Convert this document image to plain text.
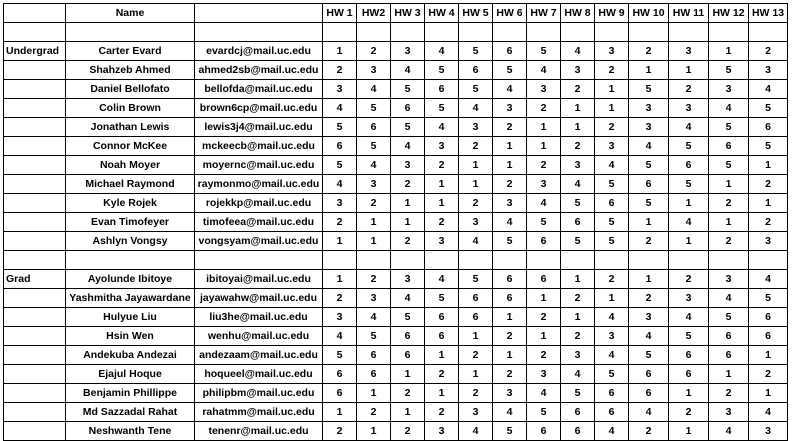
	Name		HW 1	HW2	HW 3	HW 4	HW 5	HW 6	HW 7	HW 8	HW 9	HW 10	HW 11	HW 12	HW 13

Undergrad	Carter Evard	evardcj@mail.uc.edu	1	2	3	4	5	6	5	4	3	2	3	1	2
	Shahzeb Ahmed	ahmed2sb@mail.uc.edu	2	3	4	5	6	5	4	3	2	1	1	5	3
	Daniel Bellofato	bellofda@mail.uc.edu	3	4	5	6	5	4	3	2	1	5	2	3	4
	Colin Brown	brown6cp@mail.uc.edu	4	5	6	5	4	3	2	1	1	3	3	4	5
	Jonathan Lewis	lewis3j4@mail.uc.edu	5	6	5	4	3	2	1	1	2	3	4	5	6
	Connor McKee	mckeecb@mail.uc.edu	6	5	4	3	2	1	1	2	3	4	5	6	5
	Noah Moyer	moyernc@mail.uc.edu	5	4	3	2	1	1	2	3	4	5	6	5	1
	Michael Raymond	raymonmo@mail.uc.edu	4	3	2	1	1	2	3	4	5	6	5	1	2
	Kyle Rojek	rojekkp@mail.uc.edu	3	2	1	1	2	3	4	5	6	5	1	2	1
	Evan Timofeyer	timofeea@mail.uc.edu	2	1	1	2	3	4	5	6	5	1	4	1	2
	Ashlyn Vongsy	vongsyam@mail.uc.edu	1	1	2	3	4	5	6	5	5	2	1	2	3

Grad	Ayolunde Ibitoye	ibitoyai@mail.uc.edu	1	2	3	4	5	6	6	1	2	1	2	3	4
	Yashmitha Jayawardane	jayawahw@mail.uc.edu	2	3	4	5	6	6	1	2	1	2	3	4	5
	Hulyue Liu	liu3he@mail.uc.edu	3	4	5	6	6	1	2	1	4	3	4	5	6
	Hsin Wen	wenhu@mail.uc.edu	4	5	6	6	1	2	1	2	3	4	5	6	6
	Andekuba Andezai	andezaam@mail.uc.edu	5	6	6	1	2	1	2	3	4	5	6	6	1
	Ejajul Hoque	hoqueel@mail.uc.edu	6	6	1	2	1	2	3	4	5	6	6	1	2
	Benjamin Phillippe	philipbm@mail.uc.edu	6	1	2	1	2	3	4	5	6	6	1	2	1
	Md Sazzadal Rahat	rahatmm@mail.uc.edu	1	2	1	2	3	4	5	6	6	4	2	3	4
	Neshwanth Tene	tenenr@mail.uc.edu	2	1	2	3	4	5	6	6	4	2	1	4	3
